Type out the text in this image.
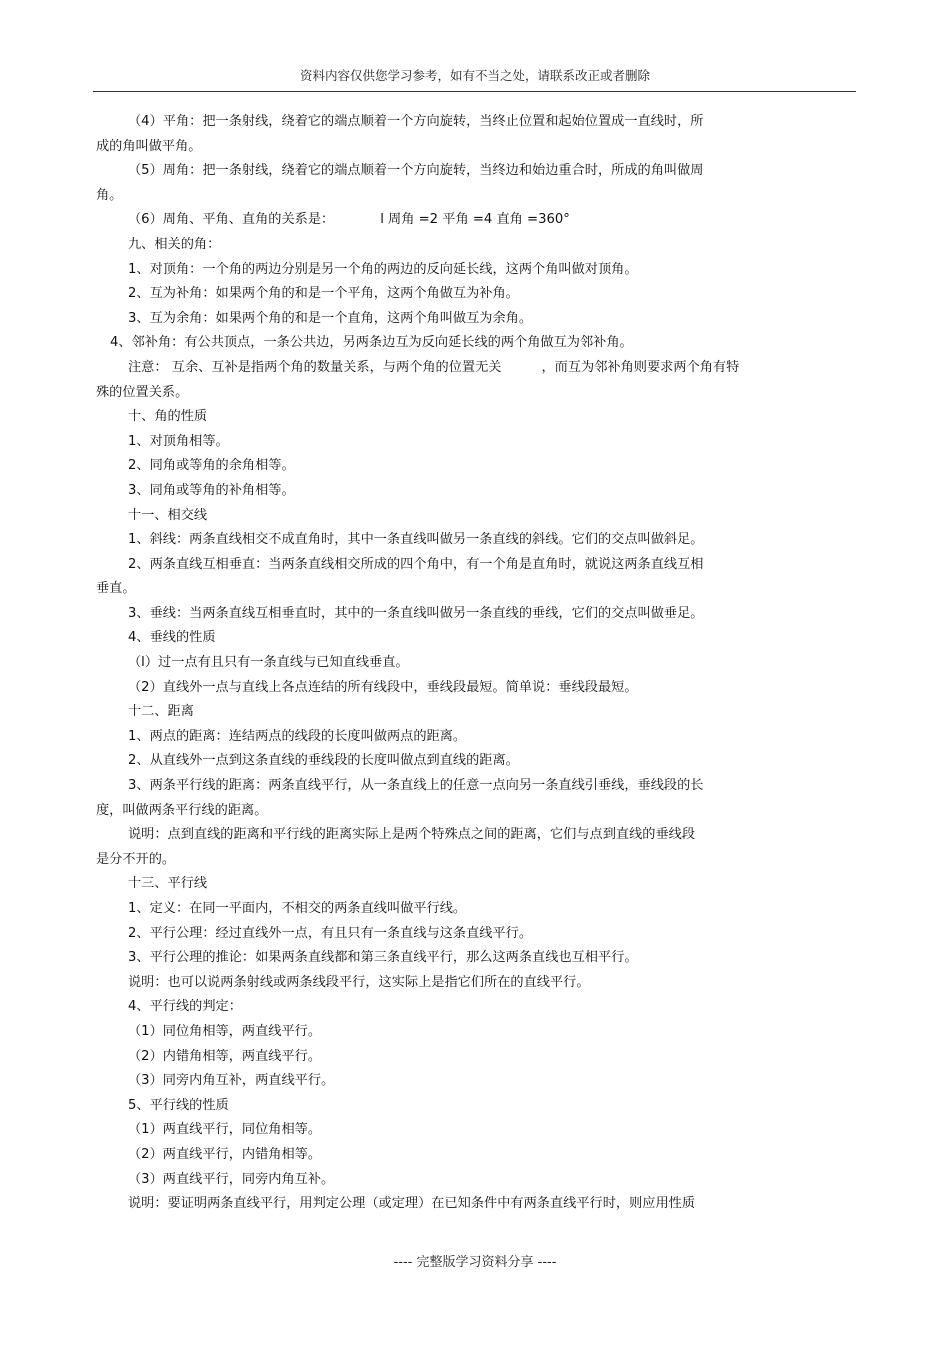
资料内容仅供您学习参考，如有不当之处，请联系改正或者删除
（4）平角：把一条射线，绕着它的端点顺着一个方向旋转，当终止位置和起始位置成一直线时，所
成的角叫做平角。
（5）周角：把一条射线，绕着它的端点顺着一个方向旋转，当终边和始边重合时，所成的角叫做周
角。
（6）周角、平角、直角的关系是：	l 周角 =2 平角 =4 直角 =360°
九、相关的角：
1、对顶角：一个角的两边分别是另一个角的两边的反向延长线，这两个角叫做对顶角。
2、互为补角：如果两个角的和是一个平角，这两个角做互为补角。
3、互为余角：如果两个角的和是一个直角，这两个角叫做互为余角。
4、邻补角：有公共顶点，一条公共边，另两条边互为反向延长线的两个角做互为邻补角。
注意： 互余、互补是指两个角的数量关系，与两个角的位置无关	，而互为邻补角则要求两个角有特
殊的位置关系。
十、角的性质
1、对顶角相等。
2、同角或等角的余角相等。
3、同角或等角的补角相等。
十一、相交线
1、斜线：两条直线相交不成直角时，其中一条直线叫做另一条直线的斜线。它们的交点叫做斜足。
2、两条直线互相垂直：当两条直线相交所成的四个角中，有一个角是直角时，就说这两条直线互相
垂直。
3、垂线：当两条直线互相垂直时，其中的一条直线叫做另一条直线的垂线，它们的交点叫做垂足。
4、垂线的性质
（l）过一点有且只有一条直线与已知直线垂直。
（2）直线外一点与直线上各点连结的所有线段中，垂线段最短。简单说：垂线段最短。
十二、距离
1、两点的距离：连结两点的线段的长度叫做两点的距离。
2、从直线外一点到这条直线的垂线段的长度叫做点到直线的距离。
3、两条平行线的距离：两条直线平行，从一条直线上的任意一点向另一条直线引垂线，垂线段的长
度，叫做两条平行线的距离。
说明：点到直线的距离和平行线的距离实际上是两个特殊点之间的距离，它们与点到直线的垂线段
是分不开的。
十三、平行线
1、定义：在同一平面内，不相交的两条直线叫做平行线。
2、平行公理：经过直线外一点，有且只有一条直线与这条直线平行。
3、平行公理的推论：如果两条直线都和第三条直线平行，那么这两条直线也互相平行。
说明：也可以说两条射线或两条线段平行，这实际上是指它们所在的直线平行。
4、平行线的判定：
（1）同位角相等，两直线平行。
（2）内错角相等，两直线平行。
（3）同旁内角互补，两直线平行。
5、平行线的性质
（1）两直线平行，同位角相等。
（2）两直线平行，内错角相等。
（3）两直线平行，同旁内角互补。
说明：要证明两条直线平行，用判定公理（或定理）在已知条件中有两条直线平行时，则应用性质
---- 完整版学习资料分享 ----
